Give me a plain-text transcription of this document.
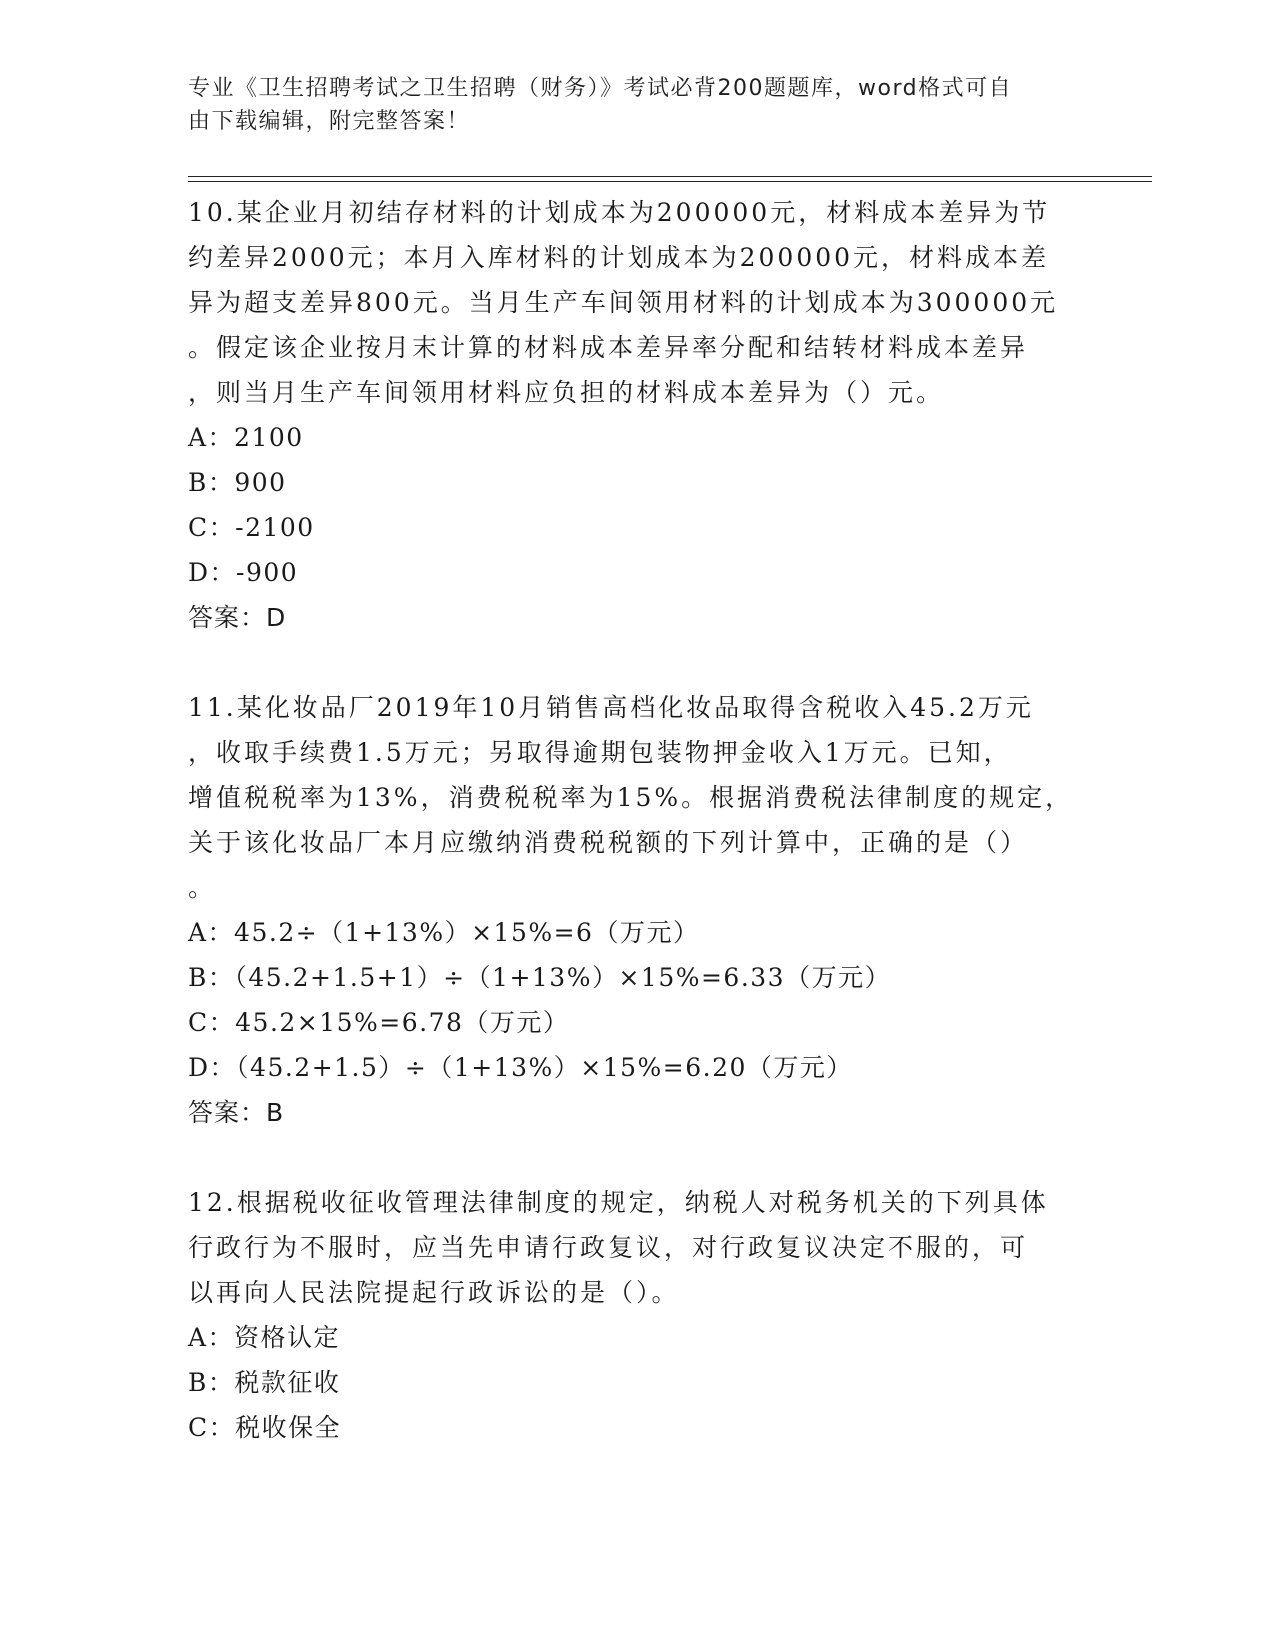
专业《卫生招聘考试之卫生招聘（财务）》考试必背200题题库，word格式可自
由下载编辑，附完整答案！

10.某企业月初结存材料的计划成本为200000元，材料成本差异为节

约差异2000元；本月入库材料的计划成本为200000元，材料成本差

异为超支差异800元。当月生产车间领用材料的计划成本为300000元

。假定该企业按月末计算的材料成本差异率分配和结转材料成本差异

，则当月生产车间领用材料应负担的材料成本差异为（）元。

A：2100

B：900

C：-2100

D：-900

答案：D

11.某化妆品厂2019年10月销售高档化妆品取得含税收入45.2万元

，收取手续费1.5万元；另取得逾期包装物押金收入1万元。已知，

增值税税率为13%，消费税税率为15%。根据消费税法律制度的规定，

关于该化妆品厂本月应缴纳消费税税额的下列计算中，正确的是（）

。

A：45.2÷（1+13%）×15%=6（万元）

B：（45.2+1.5+1）÷（1+13%）×15%=6.33（万元）

C：45.2×15%=6.78（万元）

D：（45.2+1.5）÷（1+13%）×15%=6.20（万元）

答案：B

12.根据税收征收管理法律制度的规定，纳税人对税务机关的下列具体

行政行为不服时，应当先申请行政复议，对行政复议决定不服的，可

以再向人民法院提起行政诉讼的是（）。

A：资格认定

B：税款征收

C：税收保全
